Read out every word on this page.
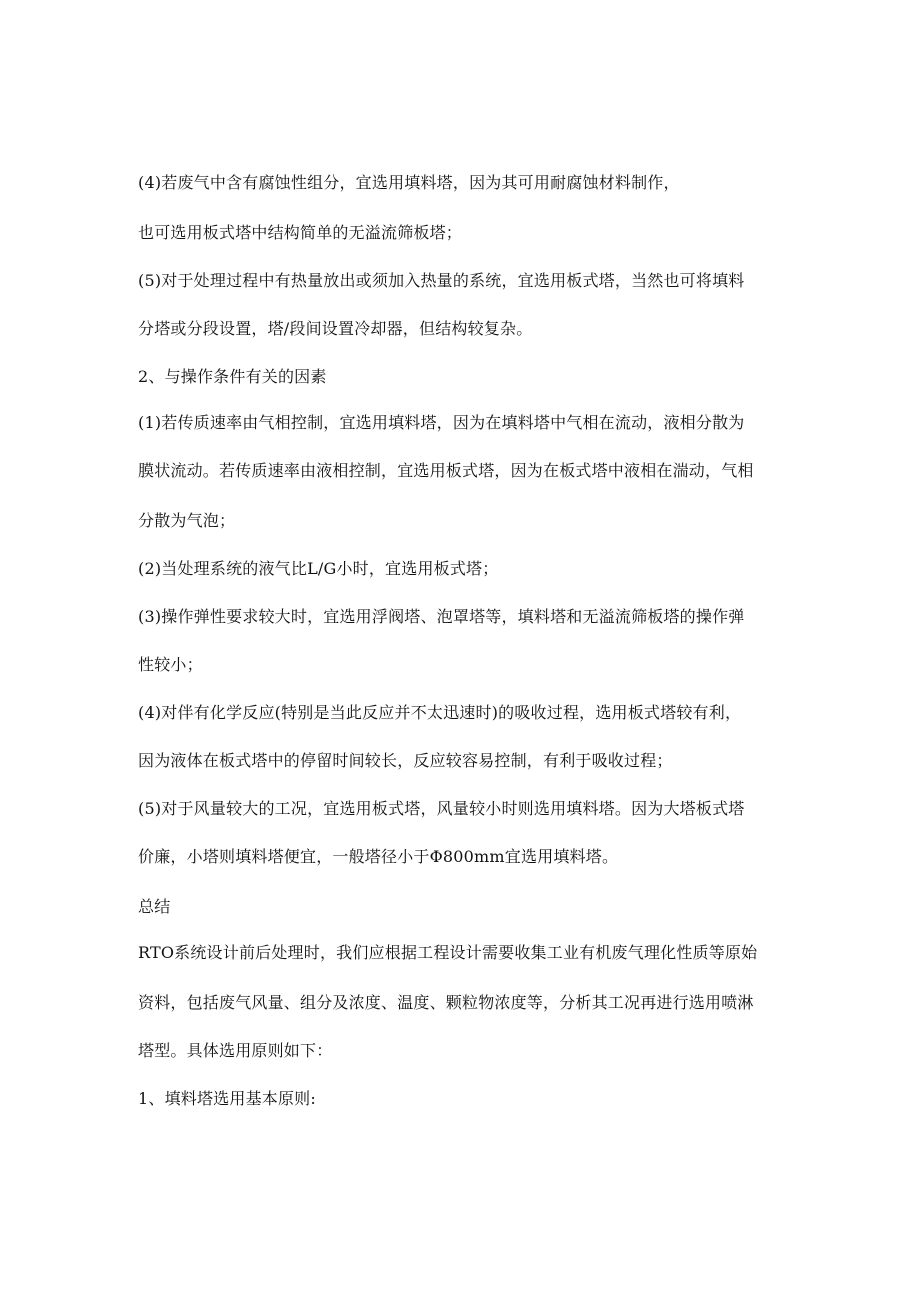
(4)若废气中含有腐蚀性组分，宜选用填料塔，因为其可用耐腐蚀材料制作，
也可选用板式塔中结构简单的无溢流筛板塔；
(5)对于处理过程中有热量放出或须加入热量的系统，宜选用板式塔，当然也可将填料
分塔或分段设置，塔/段间设置冷却器，但结构较复杂。
2、与操作条件有关的因素
(1)若传质速率由气相控制，宜选用填料塔，因为在填料塔中气相在流动，液相分散为
膜状流动。若传质速率由液相控制，宜选用板式塔，因为在板式塔中液相在湍动，气相
分散为气泡；
(2)当处理系统的液气比L/G小时，宜选用板式塔；
(3)操作弹性要求较大时，宜选用浮阀塔、泡罩塔等，填料塔和无溢流筛板塔的操作弹
性较小；
(4)对伴有化学反应(特别是当此反应并不太迅速时)的吸收过程，选用板式塔较有利，
因为液体在板式塔中的停留时间较长，反应较容易控制，有利于吸收过程；
(5)对于风量较大的工况，宜选用板式塔，风量较小时则选用填料塔。因为大塔板式塔
价廉，小塔则填料塔便宜，一般塔径小于Φ800mm宜选用填料塔。
总结
RTO系统设计前后处理时，我们应根据工程设计需要收集工业有机废气理化性质等原始
资料，包括废气风量、组分及浓度、温度、颗粒物浓度等，分析其工况再进行选用喷淋
塔型。具体选用原则如下：
1、填料塔选用基本原则:
